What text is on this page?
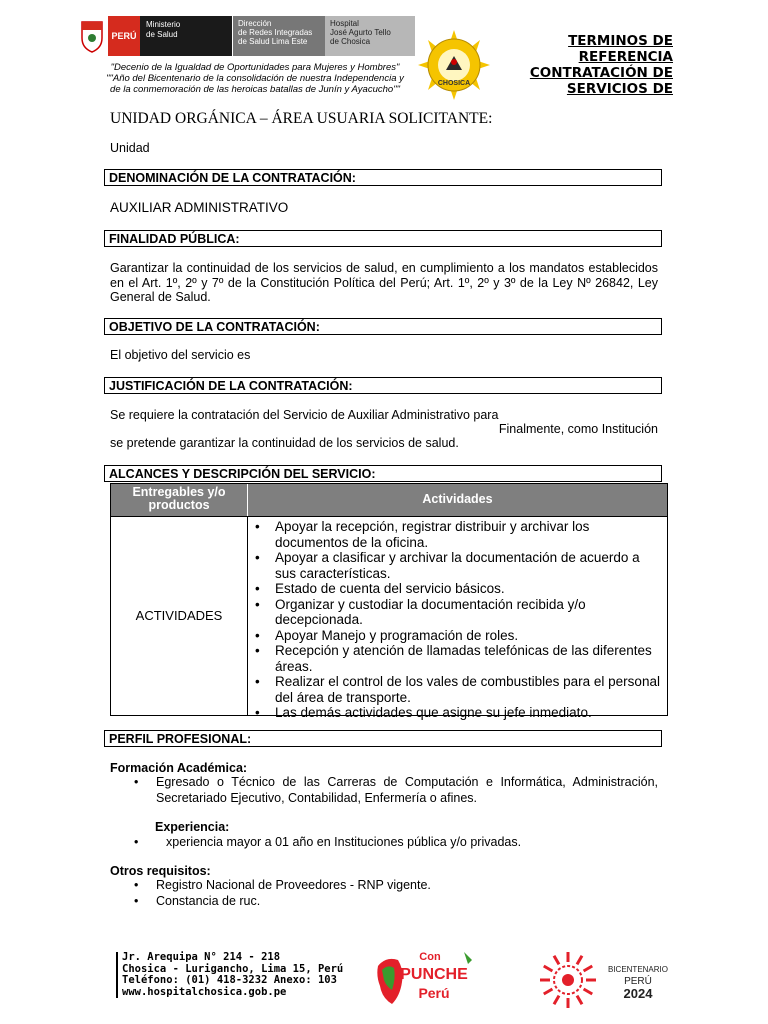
PERÚ
Ministerio
de Salud
Dirección
de Redes Integradas
de Salud Lima Este
Hospital
José Agurto Tello
de Chosica
CHOSICA
"Decenio de la Igualdad de Oportunidades para Mujeres y Hombres"
""Año del Bicentenario de la consolidación de nuestra Independencia y
de la conmemoración de las heroicas batallas de Junín y Ayacucho""
TERMINOS DE
REFERENCIA
CONTRATACIÓN DE
SERVICIOS DE
UNIDAD ORGÁNICA – ÁREA USUARIA SOLICITANTE:
Unidad
DENOMINACIÓN DE LA CONTRATACIÓN:
AUXILIAR ADMINISTRATIVO
FINALIDAD PÚBLICA:
Garantizar la continuidad de los servicios de salud, en cumplimiento a los mandatos establecidos en el Art. 1º, 2º y 7º de la Constitución Política del Perú; Art. 1º, 2º y 3º de la Ley Nº 26842, Ley General de Salud.
OBJETIVO DE LA CONTRATACIÓN:
El objetivo del servicio es
JUSTIFICACIÓN DE LA CONTRATACIÓN:
Se requiere la contratación del Servicio de Auxiliar Administrativo para
Finalmente, como Institución
se pretende garantizar la continuidad de los servicios de salud.
ALCANCES Y DESCRIPCIÓN DEL SERVICIO:
Entregables y/o productos	Actividades
ACTIVIDADES
• Apoyar la recepción, registrar distribuir y archivar los documentos de la oficina.
• Apoyar a clasificar y archivar la documentación de acuerdo a sus características.
• Estado de cuenta del servicio básicos.
• Organizar y custodiar la documentación recibida y/o decepcionada.
• Apoyar Manejo y programación de roles.
• Recepción y atención de llamadas telefónicas de las diferentes áreas.
• Realizar el control de los vales de combustibles para el personal del área de transporte.
• Las demás actividades que asigne su jefe inmediato.
PERFIL PROFESIONAL:
Formación Académica:
• Egresado o Técnico de las Carreras de Computación e Informática, Administración, Secretariado Ejecutivo, Contabilidad, Enfermería o afines.
Experiencia:
• xperiencia mayor a 01 año en Instituciones pública y/o privadas.
Otros requisitos:
• Registro Nacional de Proveedores - RNP vigente.
• Constancia de ruc.
Jr. Arequipa N° 214 - 218
Chosica - Lurigancho, Lima 15, Perú
Teléfono: (01) 418-3232 Anexo: 103
www.hospitalchosica.gob.pe
Con
PUNCHE
Perú
BICENTENARIO
PERÚ
2024
